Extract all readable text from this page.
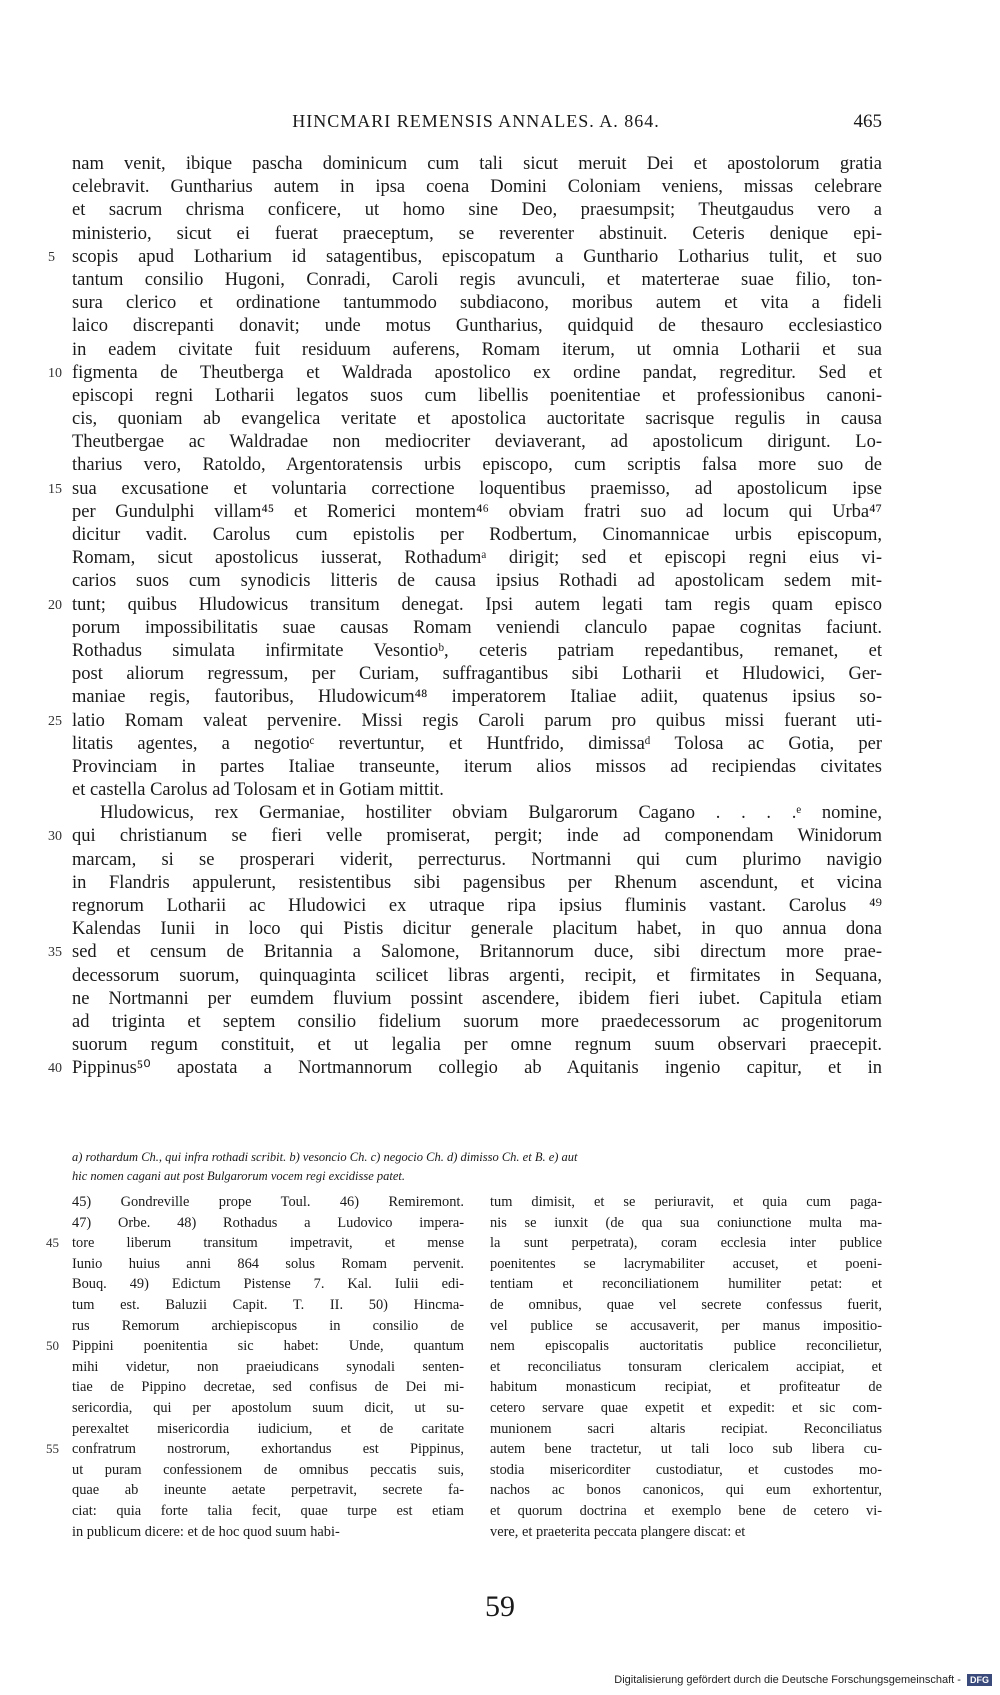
HINCMARI REMENSIS ANNALES. A. 864.	465
nam venit, ibique pascha dominicum cum tali sicut meruit Dei et apostolorum gratia
celebravit. Guntharius autem in ipsa coena Domini Coloniam veniens, missas celebrare
et sacrum chrisma conficere, ut homo sine Deo, praesumpsit; Theutgaudus vero a
ministerio, sicut ei fuerat praeceptum, se reverenter abstinuit. Ceteris denique epi-
5 scopis apud Lotharium id satagentibus, episcopatum a Gunthario Lotharius tulit, et suo
tantum consilio Hugoni, Conradi, Caroli regis avunculi, et materterae suae filio, ton-
sura clerico et ordinatione tantummodo subdiacono, moribus autem et vita a fideli
laico discrepanti donavit; unde motus Guntharius, quidquid de thesauro ecclesiastico
in eadem civitate fuit residuum auferens, Romam iterum, ut omnia Lotharii et sua
10 figmenta de Theutberga et Waldrada apostolico ex ordine pandat, regreditur. Sed et
episcopi regni Lotharii legatos suos cum libellis poenitentiae et professionibus canoni-
cis, quoniam ab evangelica veritate et apostolica auctoritate sacrisque regulis in causa
Theutbergae ac Waldradae non mediocriter deviaverant, ad apostolicum dirigunt. Lo-
tharius vero, Ratoldo, Argentoratensis urbis episcopo, cum scriptis falsa more suo de
15 sua excusatione et voluntaria correctione loquentibus praemisso, ad apostolicum ipse
per Gundulphi villam⁴⁵ et Romerici montem⁴⁶ obviam fratri suo ad locum qui Urba⁴⁷
dicitur vadit. Carolus cum epistolis per Rodbertum, Cinomannicae urbis episcopum,
Romam, sicut apostolicus iusserat, Rothadumᵃ dirigit; sed et episcopi regni eius vi-
carios suos cum synodicis litteris de causa ipsius Rothadi ad apostolicam sedem mit-
20 tunt; quibus Hludowicus transitum denegat. Ipsi autem legati tam regis quam episco
porum impossibilitatis suae causas Romam veniendi clanculo papae cognitas faciunt.
Rothadus simulata infirmitate Vesontioᵇ, ceteris patriam repedantibus, remanet, et
post aliorum regressum, per Curiam, suffragantibus sibi Lotharii et Hludowici, Ger-
maniae regis, fautoribus, Hludowicum⁴⁸ imperatorem Italiae adiit, quatenus ipsius so-
25 latio Romam valeat pervenire. Missi regis Caroli parum pro quibus missi fuerant uti-
litatis agentes, a negotioᶜ revertuntur, et Huntfrido, dimissaᵈ Tolosa ac Gotia, per
Provinciam in partes Italiae transeunte, iterum alios missos ad recipiendas civitates
et castella Carolus ad Tolosam et in Gotiam mittit.
Hludowicus, rex Germaniae, hostiliter obviam Bulgarorum Cagano . . . .ᵉ nomine,
30 qui christianum se fieri velle promiserat, pergit; inde ad componendam Winidorum
marcam, si se prosperari viderit, perrecturus. Nortmanni qui cum plurimo navigio
in Flandris appulerunt, resistentibus sibi pagensibus per Rhenum ascendunt, et vicina
regnorum Lotharii ac Hludowici ex utraque ripa ipsius fluminis vastant. Carolus ⁴⁹
Kalendas Iunii in loco qui Pistis dicitur generale placitum habet, in quo annua dona
35 sed et censum de Britannia a Salomone, Britannorum duce, sibi directum more prae-
decessorum suorum, quinquaginta scilicet libras argenti, recipit, et firmitates in Sequana,
ne Nortmanni per eumdem fluvium possint ascendere, ibidem fieri iubet. Capitula etiam
ad triginta et septem consilio fidelium suorum more praedecessorum ac progenitorum
suorum regum constituit, et ut legalia per omne regnum suum observari praecepit.
40 Pippinus⁵⁰ apostata a Nortmannorum collegio ab Aquitanis ingenio capitur, et in
a) rothardum Ch., qui infra rothadi scribit. b) vesoncio Ch. c) negocio Ch. d) dimisso Ch. et B. e) aut
hic nomen cagani aut post Bulgarorum vocem regi excidisse patet.
45) Gondreville prope Toul. 46) Remiremont.
47) Orbe. 48) Rothadus a Ludovico impera-
45 tore liberum transitum impetravit, et mense
Iunio huius anni 864 solus Romam pervenit.
Bouq. 49) Edictum Pistense 7. Kal. Iulii edi-
tum est. Baluzii Capit. T. II. 50) Hincma-
rus Remorum archiepiscopus in consilio de
50 Pippini poenitentia sic habet: Unde, quantum
mihi videtur, non praeiudicans synodali senten-
tiae de Pippino decretae, sed confisus de Dei mi-
sericordia, qui per apostolum suum dicit, ut su-
perexaltet misericordia iudicium, et de caritate
55 confratrum nostrorum, exhortandus est Pippinus,
ut puram confessionem de omnibus peccatis suis,
quae ab ineunte aetate perpetravit, secrete fa-
ciat: quia forte talia fecit, quae turpe est etiam
in publicum dicere: et de hoc quod suum habi-
tum dimisit, et se periuravit, et quia cum paga-
nis se iunxit (de qua sua coniunctione multa ma-
la sunt perpetrata), coram ecclesia inter publice
poenitentes se lacrymabiliter accuset, et poeni-
tentiam et reconciliationem humiliter petat: et
de omnibus, quae vel secrete confessus fuerit,
vel publice se accusaverit, per manus impositio-
nem episcopalis auctoritatis publice reconcilietur,
et reconciliatus tonsuram clericalem accipiat, et
habitum monasticum recipiat, et profiteatur de
cetero servare quae expetit et expedit: et sic com-
munionem sacri altaris recipiat. Reconciliatus
autem bene tractetur, ut tali loco sub libera cu-
stodia misericorditer custodiatur, et custodes mo-
nachos ac bonos canonicos, qui eum exhortentur,
et quorum doctrina et exemplo bene de cetero vi-
vere, et praeterita peccata plangere discat: et
59
Digitalisierung gefördert durch die Deutsche Forschungsgemeinschaft - DFG
